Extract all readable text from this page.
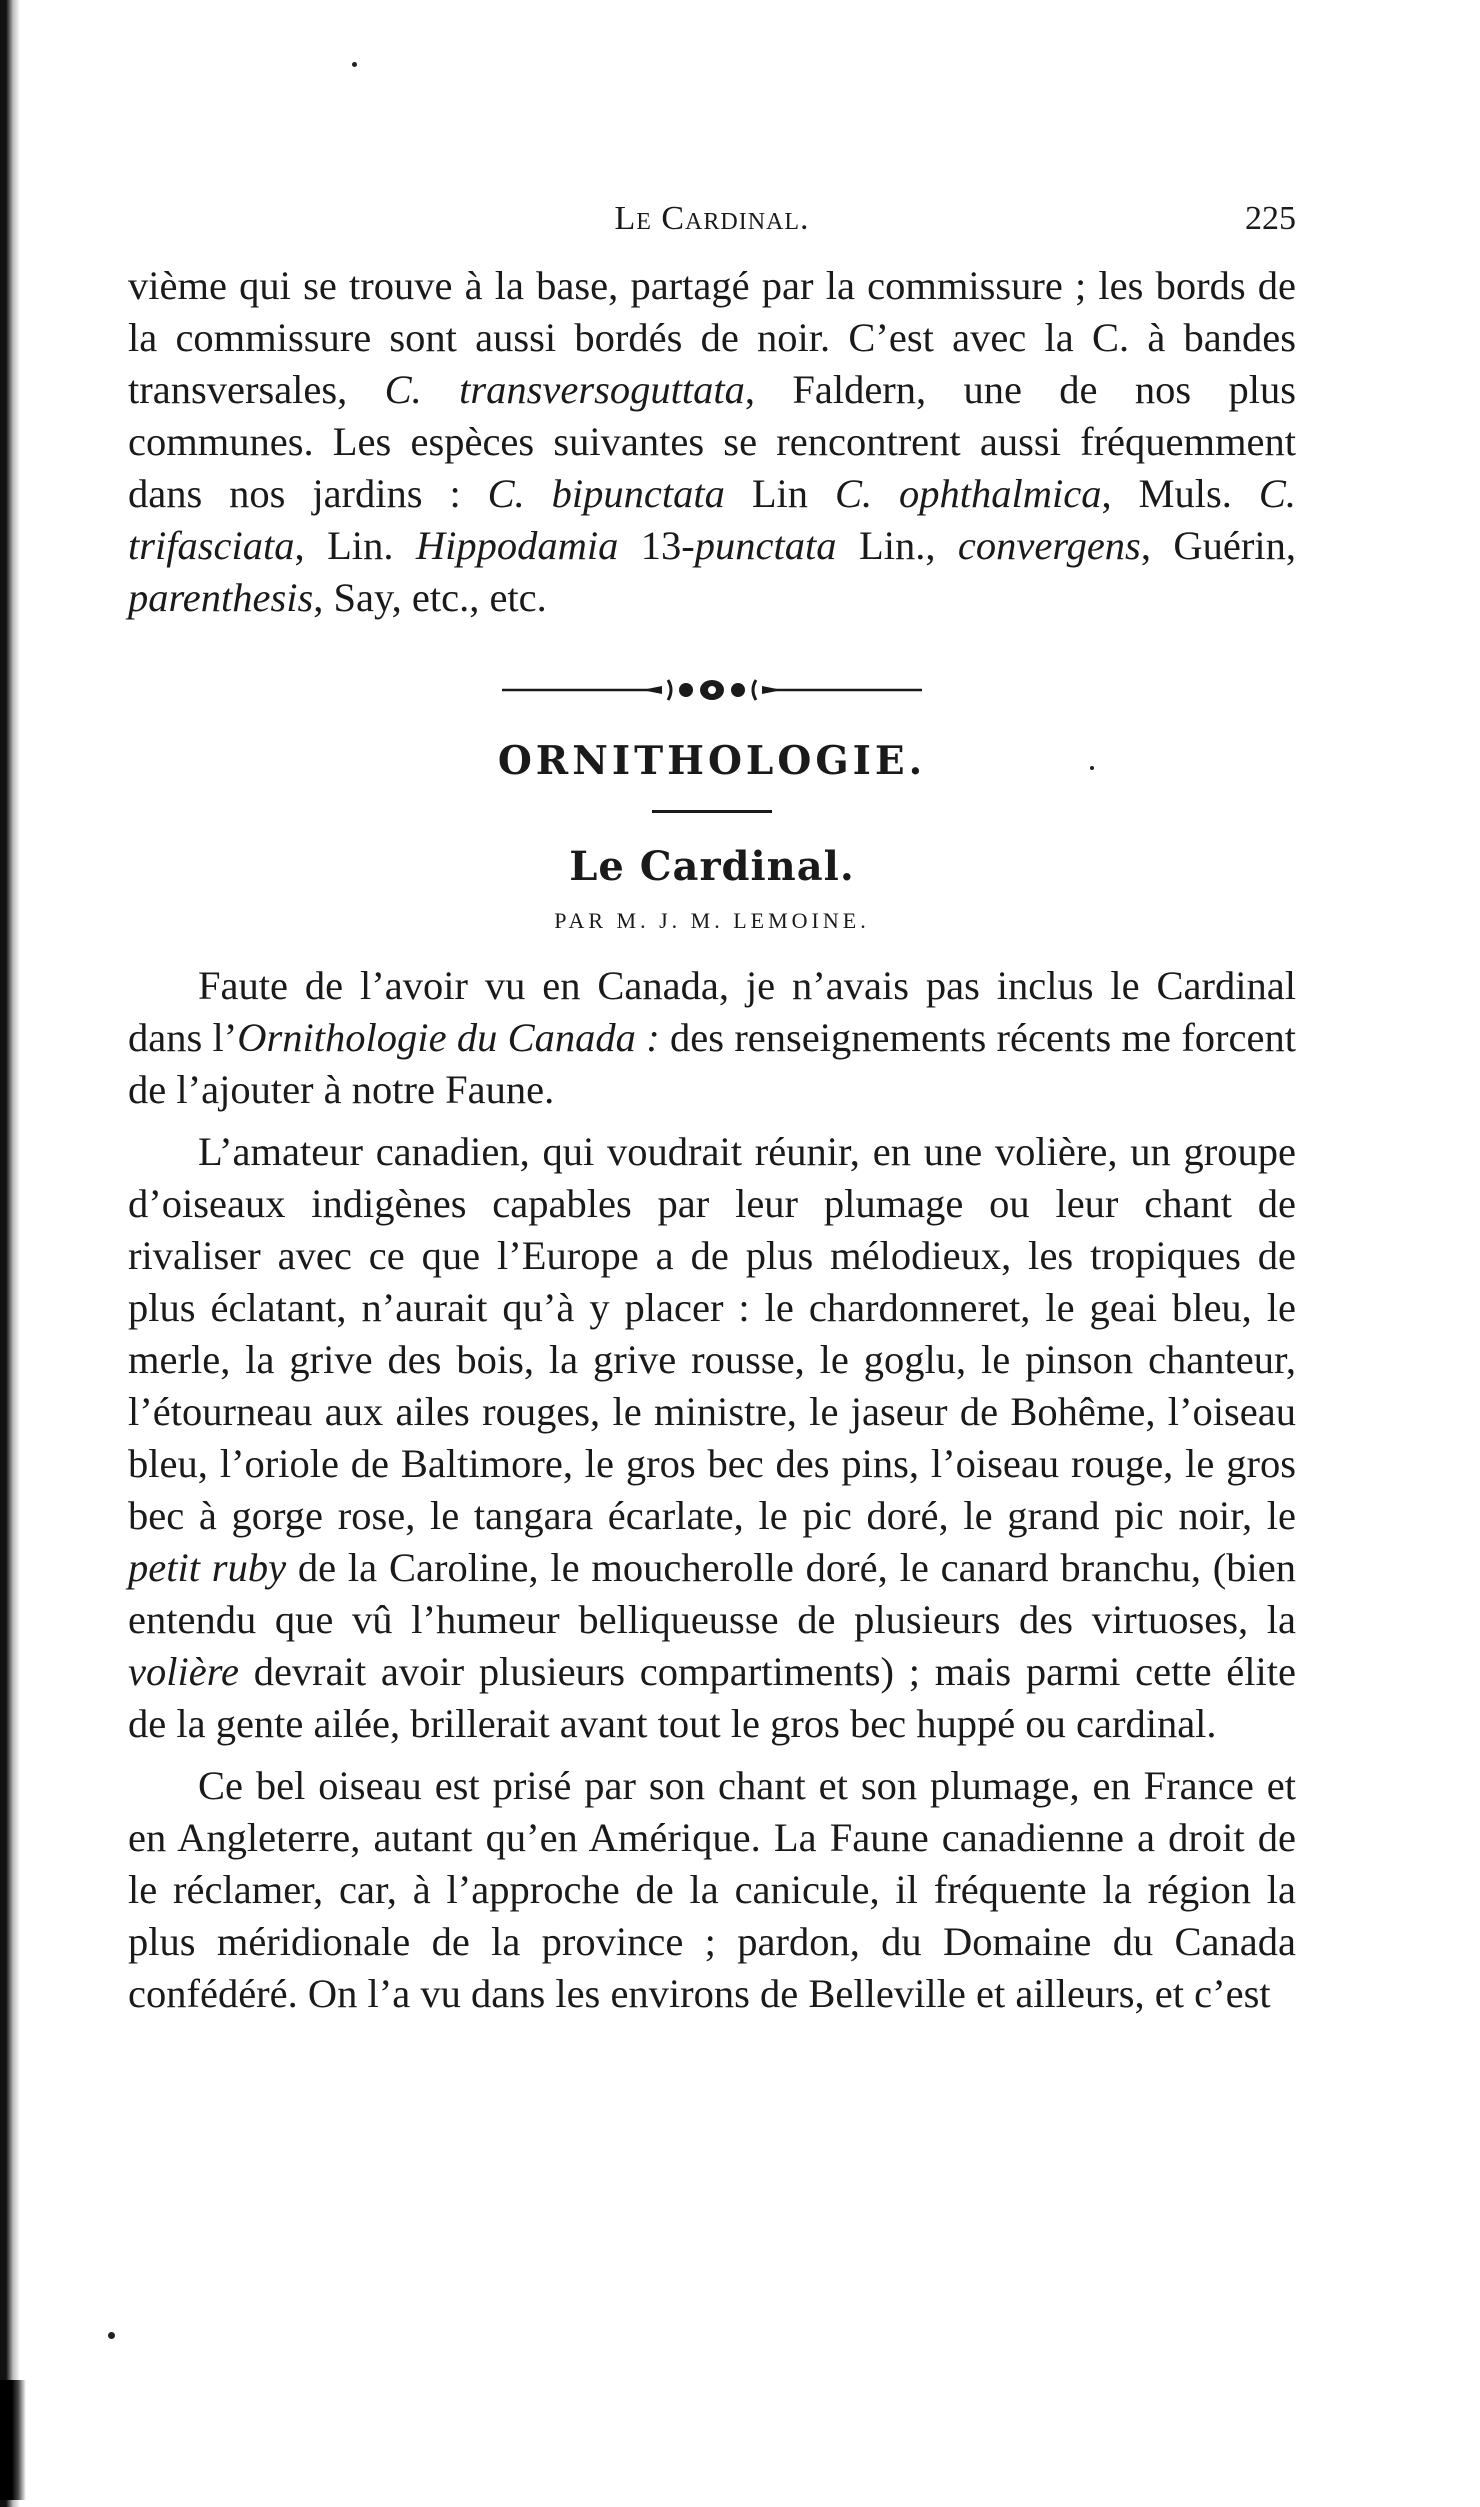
Le Cardinal.	225

vième qui se trouve à la base, partagé par la commissure ; les bords de la commissure sont aussi bordés de noir. C’est avec la C. à bandes transversales, C. transversoguttata, Faldern, une de nos plus communes. Les espèces suivantes se rencontrent aussi fréquemment dans nos jardins : C. bipunctata Lin C. ophthalmica, Muls. C. trifasciata, Lin. Hippodamia 13-punctata Lin., convergens, Guérin, parenthesis, Say, etc., etc.

ORNITHOLOGIE.
Le Cardinal.
PAR M. J. M. LEMOINE.

Faute de l’avoir vu en Canada, je n’avais pas inclus le Cardinal dans l’Ornithologie du Canada : des renseignements récents me forcent de l’ajouter à notre Faune.

L’amateur canadien, qui voudrait réunir, en une volière, un groupe d’oiseaux indigènes capables par leur plumage ou leur chant de rivaliser avec ce que l’Europe a de plus mélodieux, les tropiques de plus éclatant, n’aurait qu’à y placer : le chardonneret, le geai bleu, le merle, la grive des bois, la grive rousse, le goglu, le pinson chanteur, l’étourneau aux ailes rouges, le ministre, le jaseur de Bohême, l’oiseau bleu, l’oriole de Baltimore, le gros bec des pins, l’oiseau rouge, le gros bec à gorge rose, le tangara écarlate, le pic doré, le grand pic noir, le petit ruby de la Caroline, le moucherolle doré, le canard branchu, (bien entendu que vû l’humeur belliqueusse de plusieurs des virtuoses, la volière devrait avoir plusieurs compartiments) ; mais parmi cette élite de la gente ailée, brillerait avant tout le gros bec huppé ou cardinal.

Ce bel oiseau est prisé par son chant et son plumage, en France et en Angleterre, autant qu’en Amérique. La Faune canadienne a droit de le réclamer, car, à l’approche de la canicule, il fréquente la région la plus méridionale de la province ; pardon, du Domaine du Canada confédéré. On l’a vu dans les environs de Belleville et ailleurs, et c’est
